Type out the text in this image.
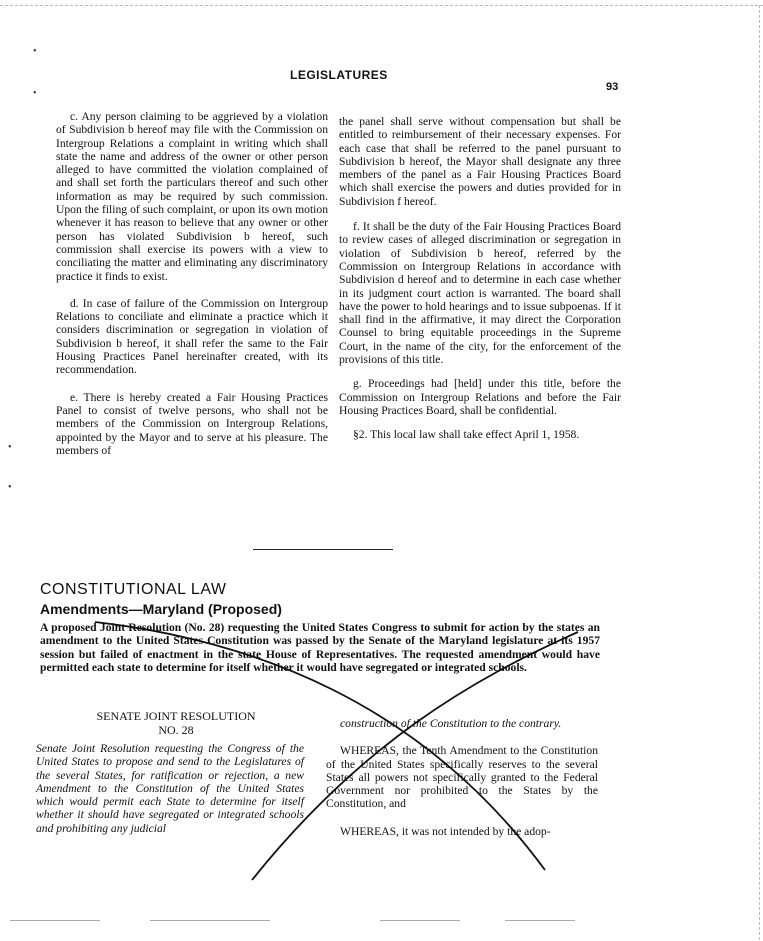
•
•
•
•
LEGISLATURES
93

c. Any person claiming to be aggrieved by a violation of Subdivision b hereof may file with the Commission on Intergroup Relations a complaint in writing which shall state the name and address of the owner or other person alleged to have committed the violation complained of and shall set forth the particulars thereof and such other information as may be required by such commission. Upon the filing of such complaint, or upon its own motion whenever it has reason to believe that any owner or other person has violated Subdivision b hereof, such commission shall exercise its powers with a view to conciliating the matter and eliminating any discriminatory practice it finds to exist.

d. In case of failure of the Commission on Intergroup Relations to conciliate and eliminate a practice which it considers discrimination or segregation in violation of Subdivision b hereof, it shall refer the same to the Fair Housing Practices Panel hereinafter created, with its recommendation.

e. There is hereby created a Fair Housing Practices Panel to consist of twelve persons, who shall not be members of the Commission on Intergroup Relations, appointed by the Mayor and to serve at his pleasure. The members of

the panel shall serve without compensation but shall be entitled to reimbursement of their necessary expenses. For each case that shall be referred to the panel pursuant to Subdivision b hereof, the Mayor shall designate any three members of the panel as a Fair Housing Practices Board which shall exercise the powers and duties provided for in Subdivision f hereof.

f. It shall be the duty of the Fair Housing Practices Board to review cases of alleged discrimination or segregation in violation of Subdivision b hereof, referred by the Commission on Intergroup Relations in accordance with Subdivision d hereof and to determine in each case whether in its judgment court action is warranted. The board shall have the power to hold hearings and to issue subpoenas. If it shall find in the affirmative, it may direct the Corporation Counsel to bring equitable proceedings in the Supreme Court, in the name of the city, for the enforcement of the provisions of this title.

g. Proceedings had [held] under this title, before the Commission on Intergroup Relations and before the Fair Housing Practices Board, shall be confidential.

§2. This local law shall take effect April 1, 1958.

CONSTITUTIONAL LAW
Amendments—Maryland (Proposed)
A proposed Joint Resolution (No. 28) requesting the United States Congress to submit for action by the states an amendment to the United States Constitution was passed by the Senate of the Maryland legislature at its 1957 session but failed of enactment in the state House of Representatives. The requested amendment would have permitted each state to determine for itself whether it would have segregated or integrated schools.
SENATE JOINT RESOLUTION
NO. 28
Senate Joint Resolution requesting the Congress of the United States to propose and send to the Legislatures of the several States, for ratification or rejection, a new Amendment to the Constitution of the United States which would permit each State to determine for itself whether it should have segregated or integrated schools and prohibiting any judicial
construction of the Constitution to the contrary.

WHEREAS, the Tenth Amendment to the Constitution of the United States specifically reserves to the several States all powers not specifically granted to the Federal Government nor prohibited to the States by the Constitution, and

WHEREAS, it was not intended by the adop-
